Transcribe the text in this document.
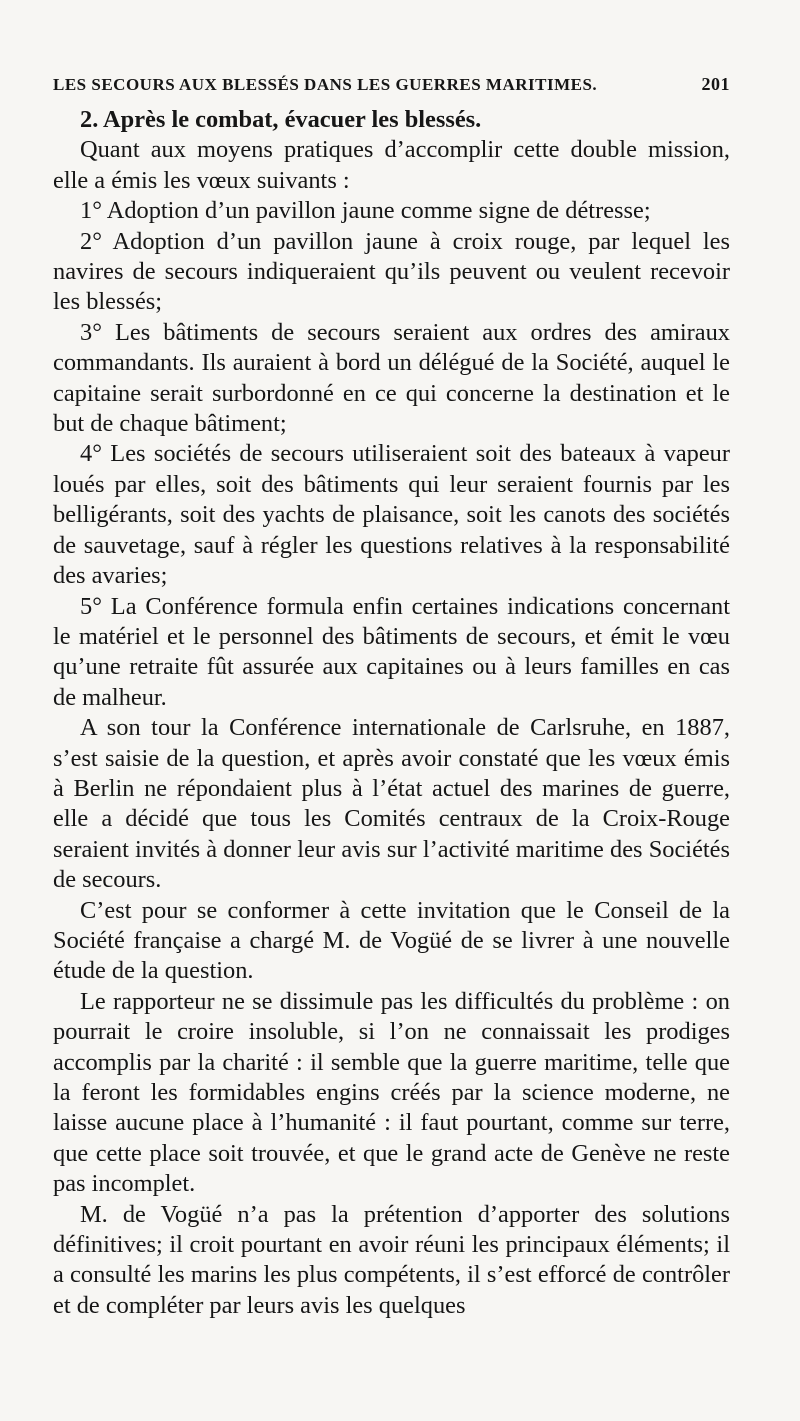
LES SECOURS AUX BLESSÉS DANS LES GUERRES MARITIMES.	201

2. Après le combat, évacuer les blessés.

Quant aux moyens pratiques d’accomplir cette double mission, elle a émis les vœux suivants :

1° Adoption d’un pavillon jaune comme signe de détresse;

2° Adoption d’un pavillon jaune à croix rouge, par lequel les navires de secours indiqueraient qu’ils peuvent ou veulent recevoir les blessés;

3° Les bâtiments de secours seraient aux ordres des amiraux commandants. Ils auraient à bord un délégué de la Société, auquel le capitaine serait surbordonné en ce qui concerne la destination et le but de chaque bâtiment;

4° Les sociétés de secours utiliseraient soit des bateaux à vapeur loués par elles, soit des bâtiments qui leur seraient fournis par les belligérants, soit des yachts de plaisance, soit les canots des sociétés de sauvetage, sauf à régler les questions relatives à la responsabilité des avaries;

5° La Conférence formula enfin certaines indications concernant le matériel et le personnel des bâtiments de secours, et émit le vœu qu’une retraite fût assurée aux capitaines ou à leurs familles en cas de malheur.

A son tour la Conférence internationale de Carlsruhe, en 1887, s’est saisie de la question, et après avoir constaté que les vœux émis à Berlin ne répondaient plus à l’état actuel des marines de guerre, elle a décidé que tous les Comités centraux de la Croix-Rouge seraient invités à donner leur avis sur l’activité maritime des Sociétés de secours.

C’est pour se conformer à cette invitation que le Conseil de la Société française a chargé M. de Vogüé de se livrer à une nouvelle étude de la question.

Le rapporteur ne se dissimule pas les difficultés du problème : on pourrait le croire insoluble, si l’on ne connaissait les prodiges accomplis par la charité : il semble que la guerre maritime, telle que la feront les formidables engins créés par la science moderne, ne laisse aucune place à l’humanité : il faut pourtant, comme sur terre, que cette place soit trouvée, et que le grand acte de Genève ne reste pas incomplet.

M. de Vogüé n’a pas la prétention d’apporter des solutions définitives; il croit pourtant en avoir réuni les principaux éléments; il a consulté les marins les plus compétents, il s’est efforcé de contrôler et de compléter par leurs avis les quelques
